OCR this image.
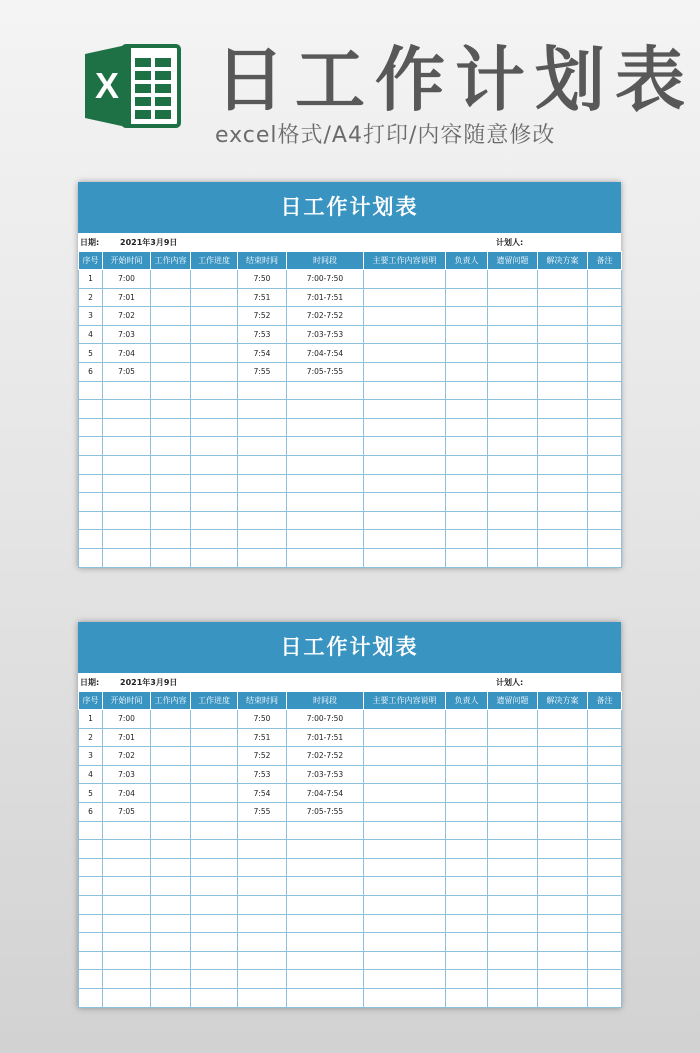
X 日工作计划表
excel格式/A4打印/内容随意修改
日工作计划表
日期:	2021年3月9日	计划人:
序号	开始时间	工作内容	工作进度	结束时间	时间段	主要工作内容说明	负责人	遗留问题	解决方案	备注
1	7:00			7:50	7:00-7:50					
2	7:01			7:51	7:01-7:51					
3	7:02			7:52	7:02-7:52					
4	7:03			7:53	7:03-7:53					
5	7:04			7:54	7:04-7:54					
6	7:05			7:55	7:05-7:55					

日工作计划表
日期:	2021年3月9日	计划人:
序号	开始时间	工作内容	工作进度	结束时间	时间段	主要工作内容说明	负责人	遗留问题	解决方案	备注
1	7:00			7:50	7:00-7:50					
2	7:01			7:51	7:01-7:51					
3	7:02			7:52	7:02-7:52					
4	7:03			7:53	7:03-7:53					
5	7:04			7:54	7:04-7:54					
6	7:05			7:55	7:05-7:55					
